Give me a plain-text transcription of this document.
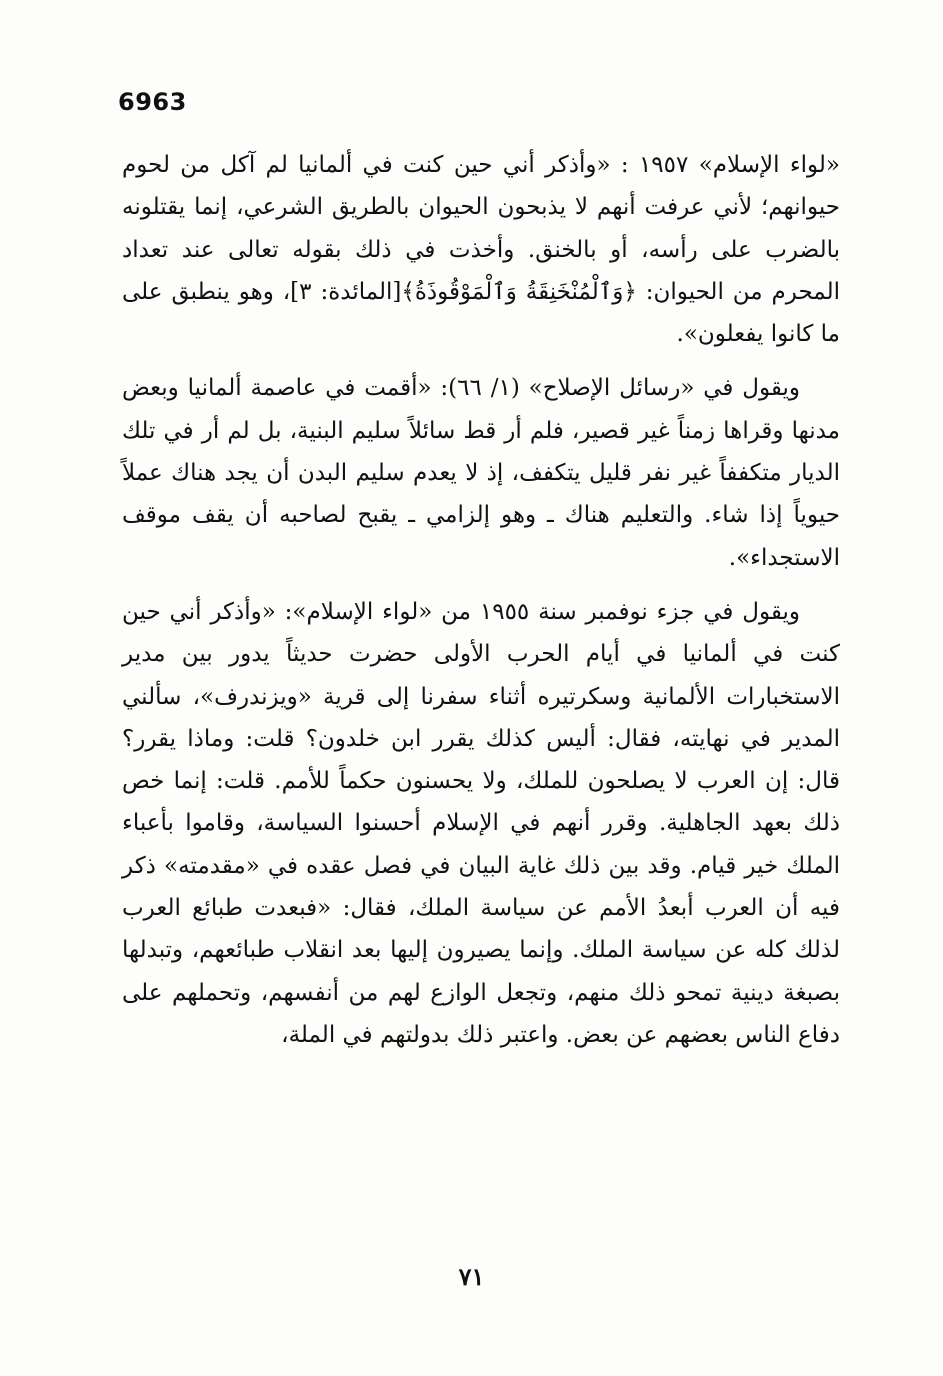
6963

«لواء الإسلام» ١٩٥٧ : «وأذكر أني حين كنت في ألمانيا لم آكل من لحوم حيوانهم؛ لأني عرفت أنهم لا يذبحون الحيوان بالطريق الشرعي، إنما يقتلونه بالضرب على رأسه، أو بالخنق. وأخذت في ذلك بقوله تعالى عند تعداد المحرم من الحيوان: ﴿وَٱلْمُنْخَنِقَةُ وَٱلْمَوْقُوذَةُ﴾[المائدة: ٣]، وهو ينطبق على ما كانوا يفعلون».

ويقول في «رسائل الإصلاح» (١/ ٦٦): «أقمت في عاصمة ألمانيا وبعض مدنها وقراها زمناً غير قصير، فلم أر قط سائلاً سليم البنية، بل لم أر في تلك الديار متكففاً غير نفر قليل يتكفف، إذ لا يعدم سليم البدن أن يجد هناك عملاً حيوياً إذا شاء. والتعليم هناك ـ وهو إلزامي ـ يقبح لصاحبه أن يقف موقف الاستجداء».

ويقول في جزء نوفمبر سنة ١٩٥٥ من «لواء الإسلام»: «وأذكر أني حين كنت في ألمانيا في أيام الحرب الأولى حضرت حديثاً يدور بين مدير الاستخبارات الألمانية وسكرتيره أثناء سفرنا إلى قرية «ويزندرف»، سألني المدير في نهايته، فقال: أليس كذلك يقرر ابن خلدون؟ قلت: وماذا يقرر؟ قال: إن العرب لا يصلحون للملك، ولا يحسنون حكماً للأمم. قلت: إنما خص ذلك بعهد الجاهلية. وقرر أنهم في الإسلام أحسنوا السياسة، وقاموا بأعباء الملك خير قيام. وقد بين ذلك غاية البيان في فصل عقده في «مقدمته» ذكر فيه أن العرب أبعدُ الأمم عن سياسة الملك، فقال: «فبعدت طبائع العرب لذلك كله عن سياسة الملك. وإنما يصيرون إليها بعد انقلاب طبائعهم، وتبدلها بصبغة دينية تمحو ذلك منهم، وتجعل الوازع لهم من أنفسهم، وتحملهم على دفاع الناس بعضهم عن بعض. واعتبر ذلك بدولتهم في الملة،

٧١
